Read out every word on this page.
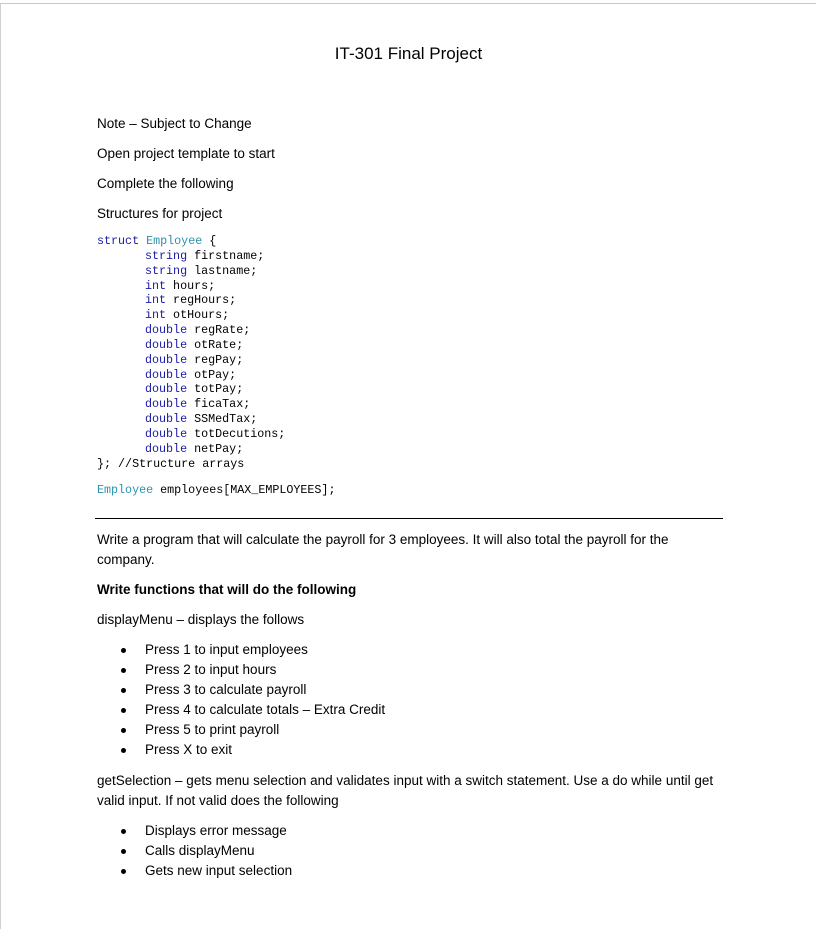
IT-301 Final Project
Note – Subject to Change
Open project template to start
Complete the following
Structures for project
struct Employee {
string firstname;
string lastname;
int hours;
int regHours;
int otHours;
double regRate;
double otRate;
double regPay;
double otPay;
double totPay;
double ficaTax;
double SSMedTax;
double totDecutions;
double netPay;
}; //Structure arrays
Employee employees[MAX_EMPLOYEES];
Write a program that will calculate the payroll for 3 employees. It will also total the payroll for the company.
Write functions that will do the following
displayMenu – displays the follows
Press 1 to input employees
Press 2 to input hours
Press 3 to calculate payroll
Press 4 to calculate totals – Extra Credit
Press 5 to print payroll
Press X to exit
getSelection – gets menu selection and validates input with a switch statement. Use a do while until get valid input. If not valid does the following
Displays error message
Calls displayMenu
Gets new input selection
